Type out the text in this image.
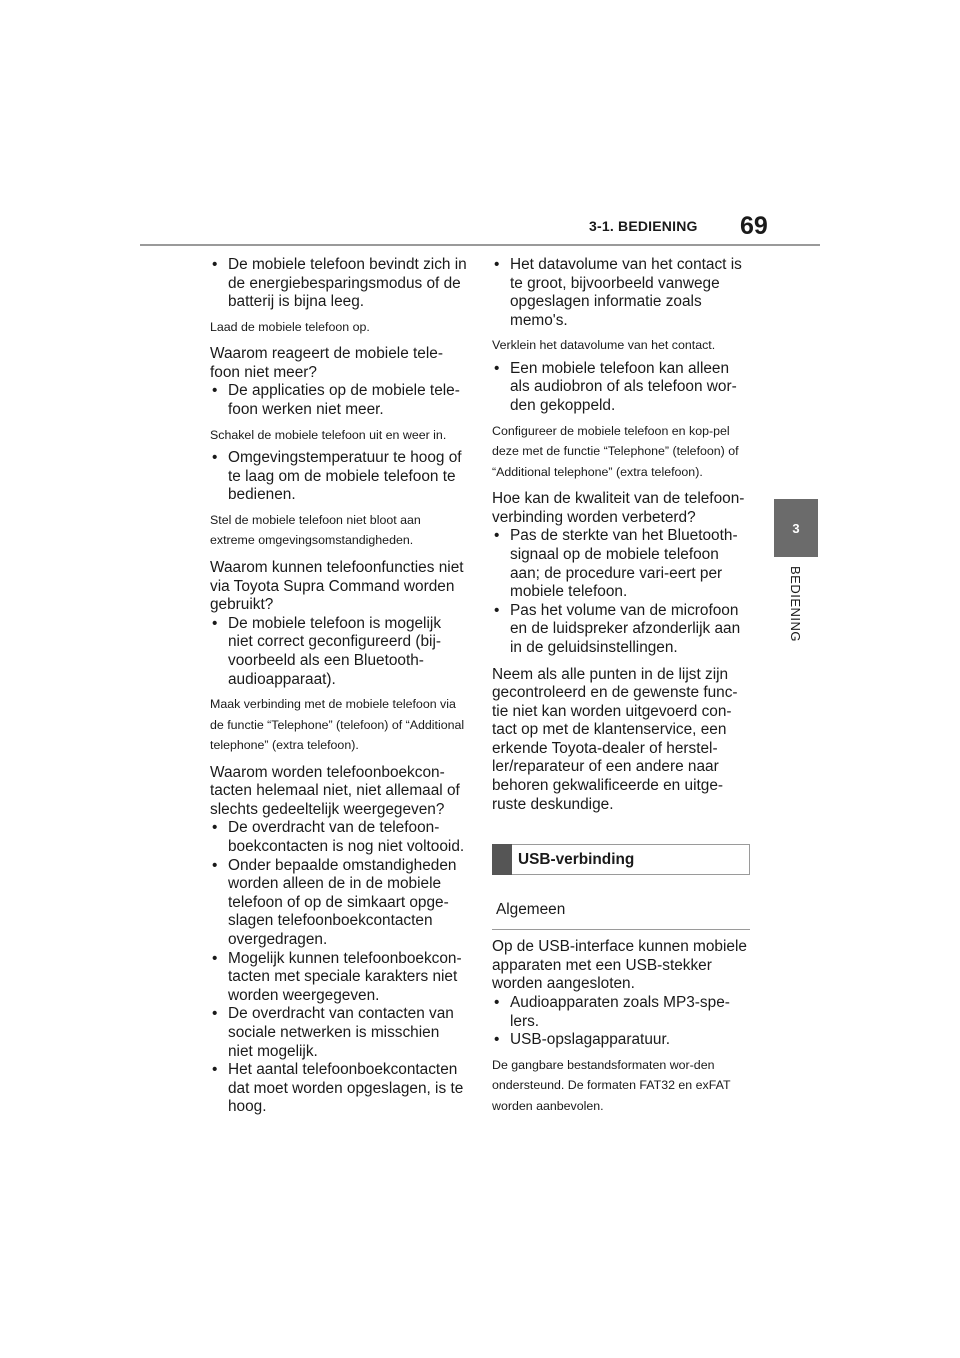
3-1. BEDIENING 69
3
BEDIENING
• De mobiele telefoon bevindt zich in de energiebesparingsmodus of de batterij is bijna leeg.
Laad de mobiele telefoon op.
Waarom reageert de mobiele tele-foon niet meer?
• De applicaties op de mobiele tele-foon werken niet meer.
Schakel de mobiele telefoon uit en weer in.
• Omgevingstemperatuur te hoog of te laag om de mobiele telefoon te bedienen.
Stel de mobiele telefoon niet bloot aan extreme omgevingsomstandigheden.
Waarom kunnen telefoonfuncties niet via Toyota Supra Command worden gebruikt?
• De mobiele telefoon is mogelijk niet correct geconfigureerd (bij-voorbeeld als een Bluetooth-audioapparaat).
Maak verbinding met de mobiele telefoon via de functie “Telephone” (telefoon) of “Additional telephone” (extra telefoon).
Waarom worden telefoonboekcon-tacten helemaal niet, niet allemaal of slechts gedeeltelijk weergegeven?
• De overdracht van de telefoon-boekcontacten is nog niet voltooid.
• Onder bepaalde omstandigheden worden alleen de in de mobiele telefoon of op de simkaart opge-slagen telefoonboekcontacten overgedragen.
• Mogelijk kunnen telefoonboekcon-tacten met speciale karakters niet worden weergegeven.
• De overdracht van contacten van sociale netwerken is misschien niet mogelijk.
• Het aantal telefoonboekcontacten dat moet worden opgeslagen, is te hoog.
• Het datavolume van het contact is te groot, bijvoorbeeld vanwege opgeslagen informatie zoals memo's.
Verklein het datavolume van het contact.
• Een mobiele telefoon kan alleen als audiobron of als telefoon wor-den gekoppeld.
Configureer de mobiele telefoon en kop-pel deze met de functie “Telephone” (telefoon) of “Additional telephone” (extra telefoon).
Hoe kan de kwaliteit van de telefoon-verbinding worden verbeterd?
• Pas de sterkte van het Bluetooth-signaal op de mobiele telefoon aan; de procedure vari-eert per mobiele telefoon.
• Pas het volume van de microfoon en de luidspreker afzonderlijk aan in de geluidsinstellingen.
Neem als alle punten in de lijst zijn gecontroleerd en de gewenste func-tie niet kan worden uitgevoerd con-tact op met de klantenservice, een erkende Toyota-dealer of herstel-ler/reparateur of een andere naar behoren gekwalificeerde en uitge-ruste deskundige.
USB-verbinding
Algemeen
Op de USB-interface kunnen mobiele apparaten met een USB-stekker worden aangesloten.
• Audioapparaten zoals MP3-spe-lers.
• USB-opslagapparatuur.
De gangbare bestandsformaten wor-den ondersteund. De formaten FAT32 en exFAT worden aanbevolen.
